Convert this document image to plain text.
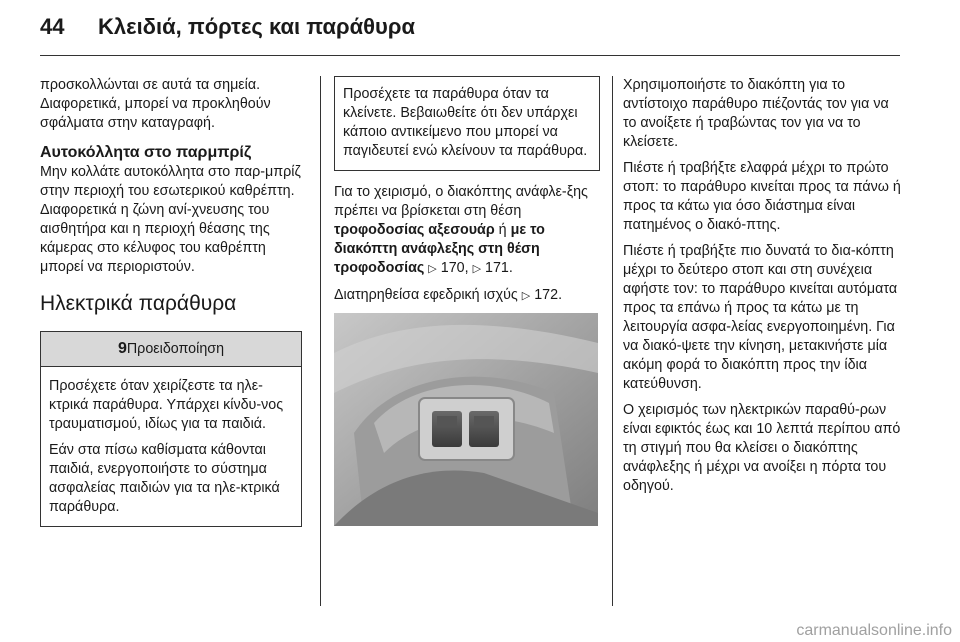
44 Κλειδιά, πόρτες και παράθυρα

προσκολλώνται σε αυτά τα σημεία. Διαφορετικά, μπορεί να προκληθούν σφάλματα στην καταγραφή.

Αυτοκόλλητα στο παρμπρίζ

Μην κολλάτε αυτοκόλλητα στο παρ-μπρίζ στην περιοχή του εσωτερικού καθρέπτη. Διαφορετικά η ζώνη ανί-χνευσης του αισθητήρα και η περιοχή θέασης της κάμερας στο κέλυφος του καθρέπτη μπορεί να περιοριστούν.

Ηλεκτρικά παράθυρα
9Προειδοποίηση

Προσέχετε όταν χειρίζεστε τα ηλε-κτρικά παράθυρα. Υπάρχει κίνδυ-νος τραυματισμού, ιδίως για τα παιδιά.

Εάν στα πίσω καθίσματα κάθονται παιδιά, ενεργοποιήστε το σύστημα ασφαλείας παιδιών για τα ηλε-κτρικά παράθυρα.

Προσέχετε τα παράθυρα όταν τα κλείνετε. Βεβαιωθείτε ότι δεν υπάρχει κάποιο αντικείμενο που μπορεί να παγιδευτεί ενώ κλείνουν τα παράθυρα.

Για το χειρισμό, ο διακόπτης ανάφλε-ξης πρέπει να βρίσκεται στη θέση τροφοδοσίας αξεσουάρ ή με το διακόπτη ανάφλεξης στη θέση τροφοδοσίας ▷ 170, ▷ 171.

Διατηρηθείσα εφεδρική ισχύς ▷ 172.

Χρησιμοποιήστε το διακόπτη για το αντίστοιχο παράθυρο πιέζοντάς τον για να το ανοίξετε ή τραβώντας τον για να το κλείσετε.

Πιέστε ή τραβήξτε ελαφρά μέχρι το πρώτο στοπ: το παράθυρο κινείται προς τα πάνω ή προς τα κάτω για όσο διάστημα είναι πατημένος ο διακό-πτης.

Πιέστε ή τραβήξτε πιο δυνατά το δια-κόπτη μέχρι το δεύτερο στοπ και στη συνέχεια αφήστε τον: το παράθυρο κινείται αυτόματα προς τα επάνω ή προς τα κάτω με τη λειτουργία ασφα-λείας ενεργοποιημένη. Για να διακό-ψετε την κίνηση, μετακινήστε μία ακόμη φορά το διακόπτη προς την ίδια κατεύθυνση.

Ο χειρισμός των ηλεκτρικών παραθύ-ρων είναι εφικτός έως και 10 λεπτά περίπου από τη στιγμή που θα κλείσει ο διακόπτης ανάφλεξης ή μέχρι να ανοίξει η πόρτα του οδηγού.

carmanualsonline.info
